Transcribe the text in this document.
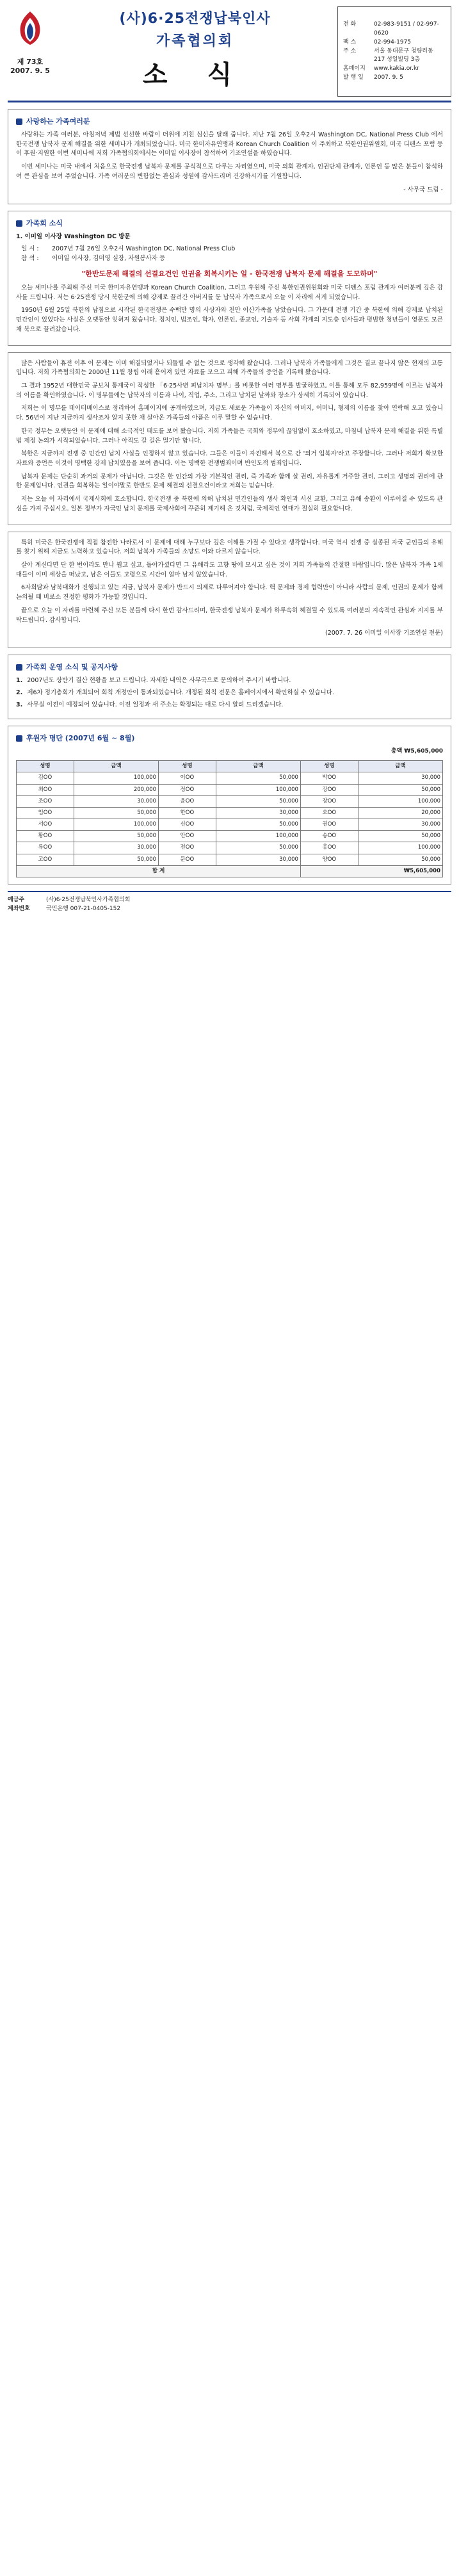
제 73호
2007. 9. 5
(사)6·25전쟁납북인사
가족협의회
소 식
전 화	02-983-9151 / 02-997-0620
팩 스	02-994-1975
주 소	서울 동대문구 청량리동 217 성일빌딩 3층
홈페이지	www.kakia.or.kr
발 행 일	2007. 9. 5
사랑하는 가족여러분

사랑하는 가족 여러분, 아침저녁 제법 선선한 바람이 더위에 지친 심신을 달래 줍니다. 지난 7월 26일 오후2시 Washington DC, National Press Club 에서 한국전쟁 납북자 문제 해결을 위한 세미나가 개최되었습니다. 미국 한미자유연맹과 Korean Church Coalition 이 주최하고 북한인권위원회, 미국 디펜스 포럼 등이 후원·지원한 이번 세미나에 저희 가족협의회에서는 이미일 이사장이 참석하여 기조연설을 하였습니다.

이번 세미나는 미국 내에서 처음으로 한국전쟁 납북자 문제를 공식적으로 다루는 자리였으며, 미국 의회 관계자, 인권단체 관계자, 언론인 등 많은 분들이 참석하여 큰 관심을 보여 주었습니다. 가족 여러분의 변함없는 관심과 성원에 감사드리며 건강하시기를 기원합니다.

- 사무국 드림 -
가족회 소식
1. 이미일 이사장 Washington DC 방문
일 시 :	2007년 7월 26일 오후2시 Washington DC, National Press Club
참 석 :	이미일 이사장, 김미영 실장, 자원봉사자 등
"한반도문제 해결의 선결요건인 인권을 회복시키는 일 - 한국전쟁 납북자 문제 해결을 도모하며"

오늘 세미나를 주최해 주신 미국 한미자유연맹과 Korean Church Coalition, 그리고 후원해 주신 북한인권위원회와 미국 디펜스 포럼 관계자 여러분께 깊은 감사를 드립니다. 저는 6·25전쟁 당시 북한군에 의해 강제로 끌려간 아버지를 둔 납북자 가족으로서 오늘 이 자리에 서게 되었습니다.

1950년 6월 25일 북한의 남침으로 시작된 한국전쟁은 수백만 명의 사상자와 천만 이산가족을 낳았습니다. 그 가운데 전쟁 기간 중 북한에 의해 강제로 납치된 민간인이 있었다는 사실은 오랫동안 잊혀져 왔습니다. 정치인, 법조인, 학자, 언론인, 종교인, 기술자 등 사회 각계의 지도층 인사들과 평범한 청년들이 영문도 모른 채 북으로 끌려갔습니다.

많은 사람들이 휴전 이후 이 문제는 이미 해결되었거나 되돌릴 수 없는 것으로 생각해 왔습니다. 그러나 납북자 가족들에게 그것은 결코 끝나지 않은 현재의 고통입니다. 저희 가족협의회는 2000년 11월 창립 이래 흩어져 있던 자료를 모으고 피해 가족들의 증언을 기록해 왔습니다.

그 결과 1952년 대한민국 공보처 통계국이 작성한 「6·25사변 피납치자 명부」를 비롯한 여러 명부를 발굴하였고, 이를 통해 모두 82,959명에 이르는 납북자의 이름을 확인하였습니다. 이 명부들에는 납북자의 이름과 나이, 직업, 주소, 그리고 납치된 날짜와 장소가 상세히 기록되어 있습니다.

저희는 이 명부를 데이터베이스로 정리하여 홈페이지에 공개하였으며, 지금도 새로운 가족들이 자신의 아버지, 어머니, 형제의 이름을 찾아 연락해 오고 있습니다. 56년이 지난 지금까지 생사조차 알지 못한 채 살아온 가족들의 아픔은 이루 말할 수 없습니다.

한국 정부는 오랫동안 이 문제에 대해 소극적인 태도를 보여 왔습니다. 저희 가족들은 국회와 정부에 끊임없이 호소하였고, 마침내 납북자 문제 해결을 위한 특별법 제정 논의가 시작되었습니다. 그러나 아직도 갈 길은 멀기만 합니다.

북한은 지금까지 전쟁 중 민간인 납치 사실을 인정하지 않고 있습니다. 그들은 이들이 자진해서 북으로 간 '의거 입북자'라고 주장합니다. 그러나 저희가 확보한 자료와 증언은 이것이 명백한 강제 납치였음을 보여 줍니다. 이는 명백한 전쟁범죄이며 반인도적 범죄입니다.

납북자 문제는 단순히 과거의 문제가 아닙니다. 그것은 한 인간의 가장 기본적인 권리, 즉 가족과 함께 살 권리, 자유롭게 거주할 권리, 그리고 생명의 권리에 관한 문제입니다. 인권을 회복하는 일이야말로 한반도 문제 해결의 선결요건이라고 저희는 믿습니다.

저는 오늘 이 자리에서 국제사회에 호소합니다. 한국전쟁 중 북한에 의해 납치된 민간인들의 생사 확인과 서신 교환, 그리고 유해 송환이 이루어질 수 있도록 관심을 가져 주십시오. 일본 정부가 자국민 납치 문제를 국제사회에 꾸준히 제기해 온 것처럼, 국제적인 연대가 절실히 필요합니다.

특히 미국은 한국전쟁에 직접 참전한 나라로서 이 문제에 대해 누구보다 깊은 이해를 가질 수 있다고 생각합니다. 미국 역시 전쟁 중 실종된 자국 군인들의 유해를 찾기 위해 지금도 노력하고 있습니다. 저희 납북자 가족들의 소망도 이와 다르지 않습니다.

살아 계신다면 단 한 번이라도 만나 뵙고 싶고, 돌아가셨다면 그 유해라도 고향 땅에 모시고 싶은 것이 저희 가족들의 간절한 바람입니다. 많은 납북자 가족 1세대들이 이미 세상을 떠났고, 남은 이들도 고령으로 시간이 얼마 남지 않았습니다.

6자회담과 남북대화가 진행되고 있는 지금, 납북자 문제가 반드시 의제로 다루어져야 합니다. 핵 문제와 경제 협력만이 아니라 사람의 문제, 인권의 문제가 함께 논의될 때 비로소 진정한 평화가 가능할 것입니다.

끝으로 오늘 이 자리를 마련해 주신 모든 분들께 다시 한번 감사드리며, 한국전쟁 납북자 문제가 하루속히 해결될 수 있도록 여러분의 지속적인 관심과 지지를 부탁드립니다. 감사합니다.

(2007. 7. 26 이미일 이사장 기조연설 전문)
가족회 운영 소식 및 공지사항
1. 2007년도 상반기 결산 현황을 보고 드립니다. 자세한 내역은 사무국으로 문의하여 주시기 바랍니다.
2. 제6차 정기총회가 개최되어 회칙 개정안이 통과되었습니다. 개정된 회칙 전문은 홈페이지에서 확인하실 수 있습니다.
3. 사무실 이전이 예정되어 있습니다. 이전 일정과 새 주소는 확정되는 대로 다시 알려 드리겠습니다.
후원자 명단 (2007년 6월 ~ 8월)
총액 ₩5,605,000
성명	금액	성명	금액	성명	금액
김OO	100,000	이OO	50,000	박OO	30,000
최OO	200,000	정OO	100,000	강OO	50,000
조OO	30,000	윤OO	50,000	장OO	100,000
임OO	50,000	한OO	30,000	오OO	20,000
서OO	100,000	신OO	50,000	권OO	30,000
황OO	50,000	안OO	100,000	송OO	50,000
류OO	30,000	전OO	50,000	홍OO	100,000
고OO	50,000	문OO	30,000	양OO	50,000
합 계				₩5,605,000	
예금주	(사)6·25전쟁납북인사가족협의회
계좌번호	국민은행 007-21-0405-152
